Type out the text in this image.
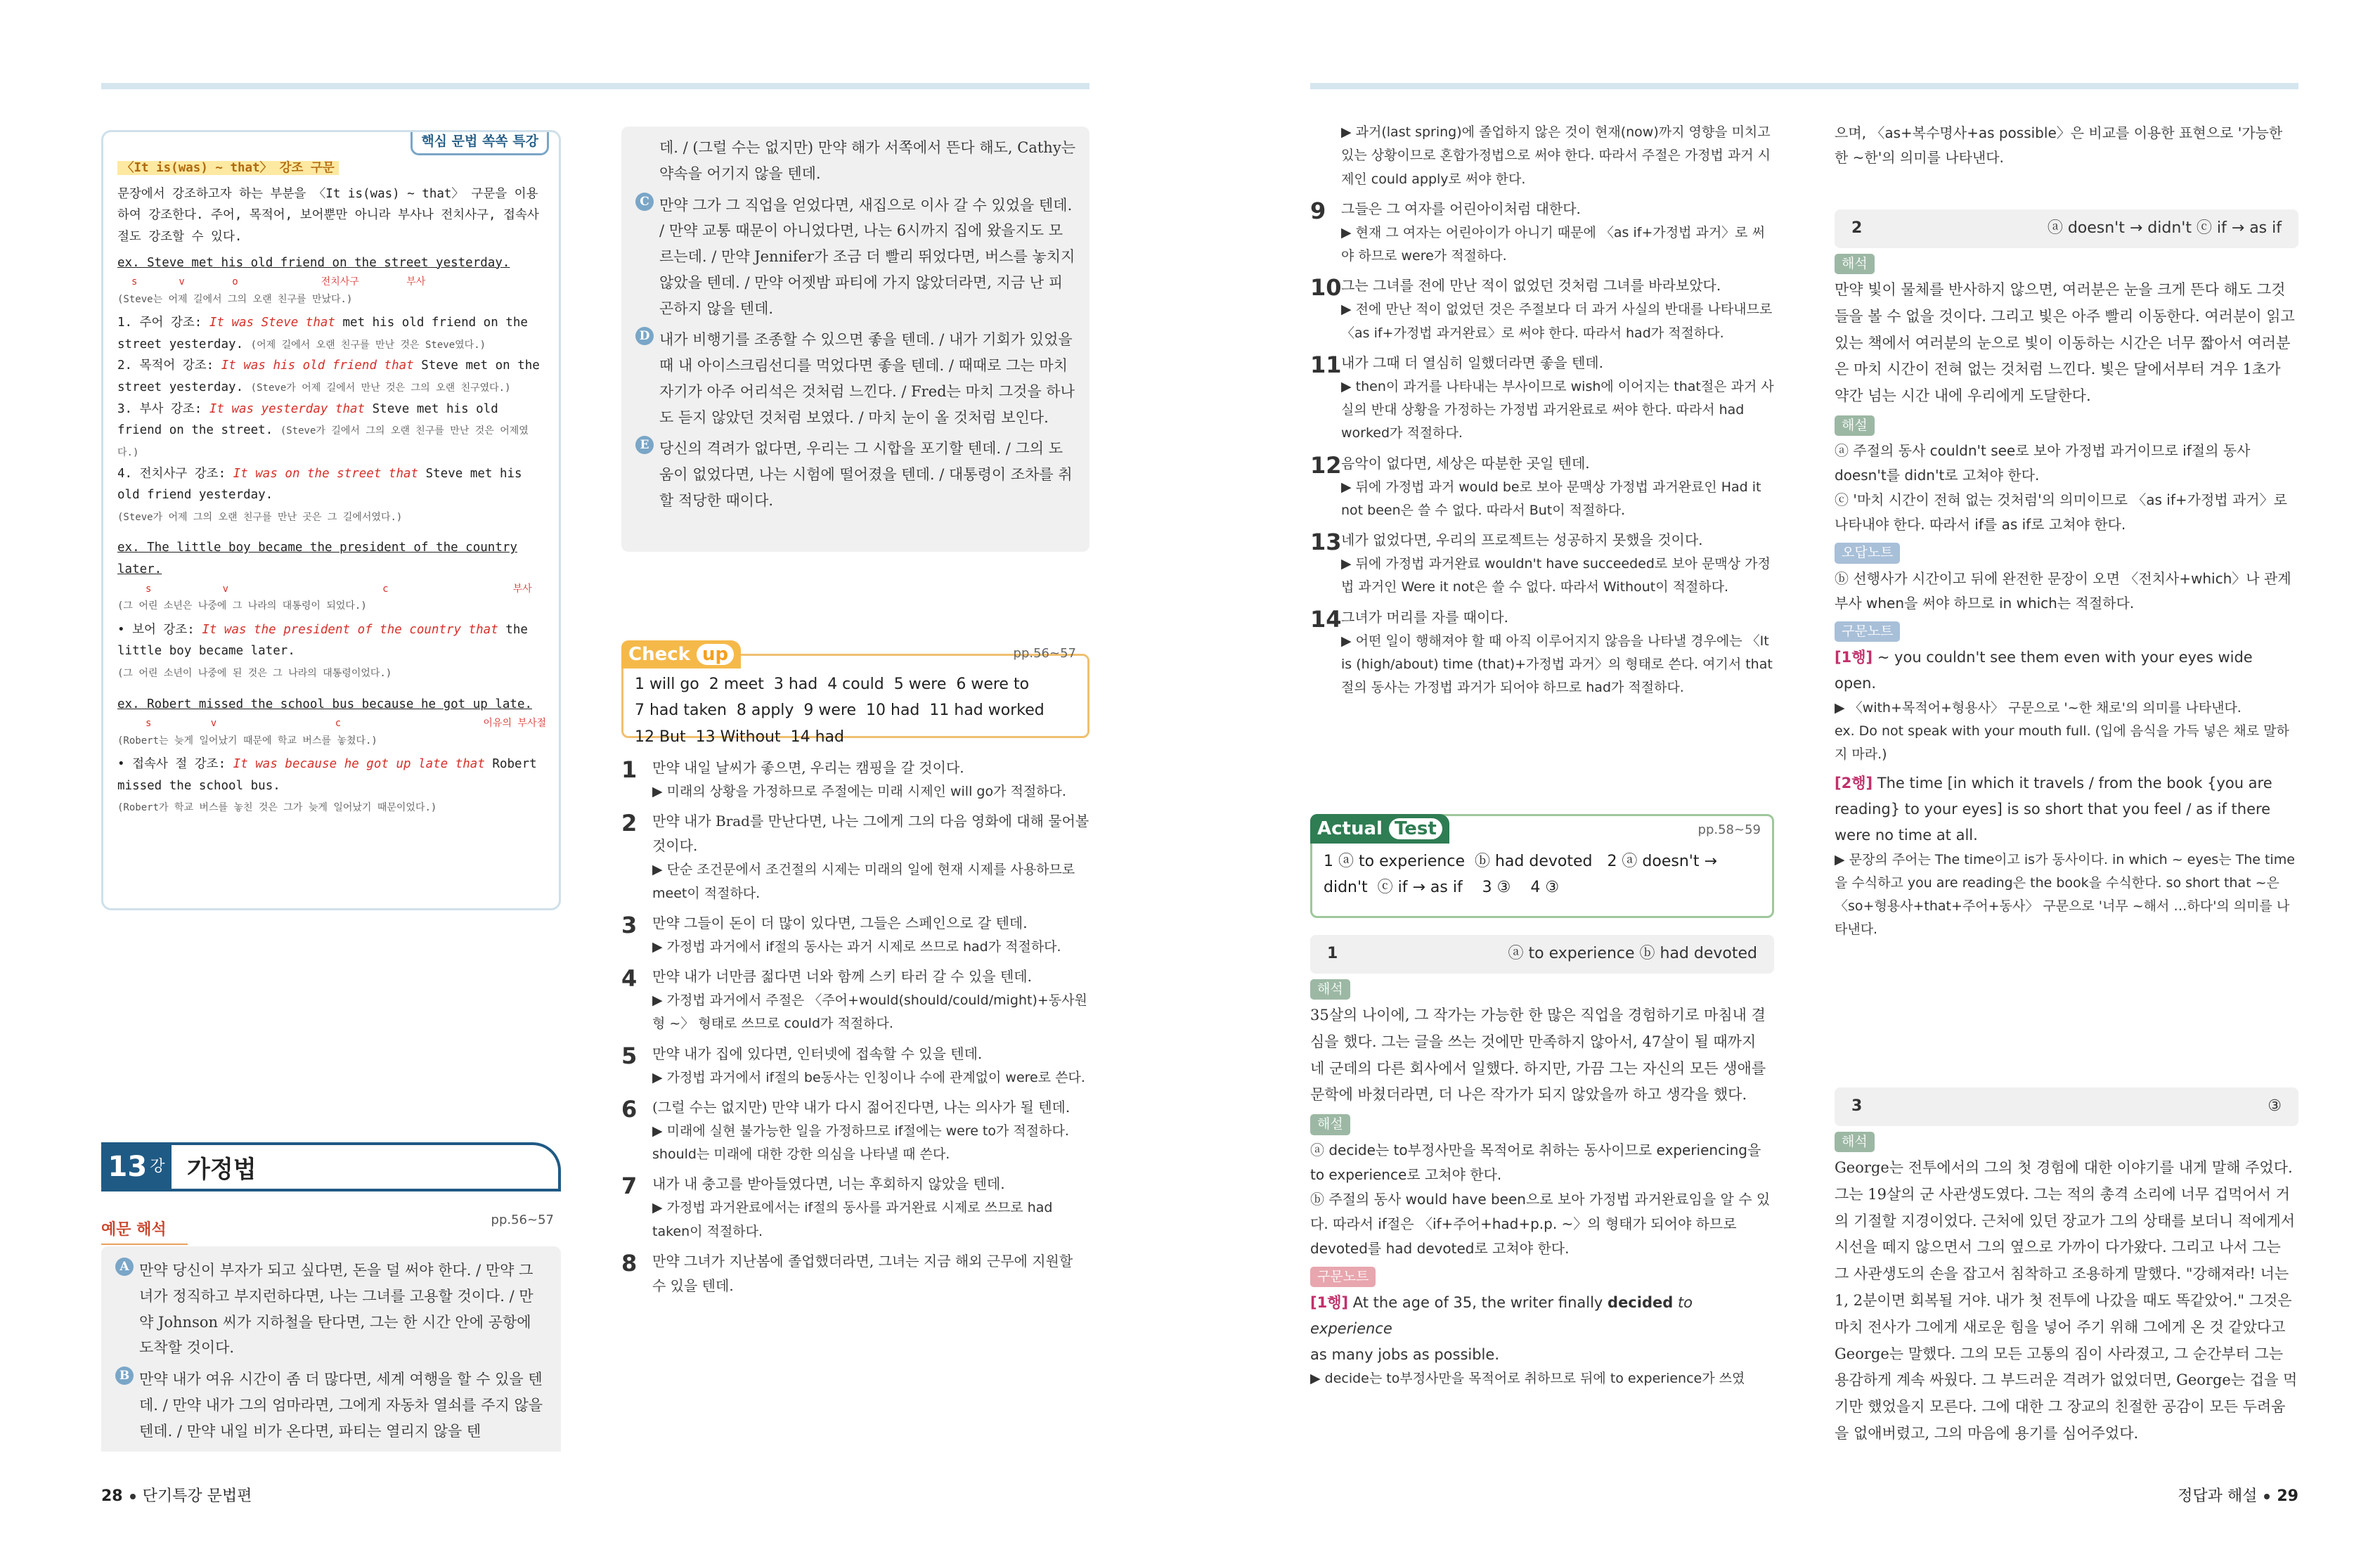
핵심 문법 쏙쏙 특강

〈It is(was) ~ that〉 강조 구문

문장에서 강조하고자 하는 부분을 〈It is(was) ~ that〉 구문을 이용하여 강조한다. 주어, 목적어, 보어뿐만 아니라 부사나 전치사구, 접속사 절도 강조할 수 있다.

ex. Steve met his old friend on the street yesterday.
s       v        o              전치사구        부사

(Steve는 어제 길에서 그의 오랜 친구를 만났다.)

1. 주어 강조: It was Steve that met his old friend on the street yesterday. (어제 길에서 오랜 친구를 만난 것은 Steve였다.)
2. 목적어 강조: It was his old friend that Steve met on the street yesterday. (Steve가 어제 길에서 만난 것은 그의 오랜 친구였다.)
3. 부사 강조: It was yesterday that Steve met his old friend on the street. (Steve가 길에서 그의 오랜 친구를 만난 것은 어제였다.)

4. 전치사구 강조: It was on the street that Steve met his old friend yesterday.
(Steve가 어제 그의 오랜 친구를 만난 곳은 그 길에서였다.)

ex. The little boy became the president of the country later.
s            v                          c                     부사

(그 어린 소년은 나중에 그 나라의 대통령이 되었다.)

• 보어 강조: It was the president of the country that the little boy became later.
(그 어린 소년이 나중에 된 것은 그 나라의 대통령이었다.)

ex. Robert missed the school bus because he got up late.
s          v                    c                        이유의 부사절

(Robert는 늦게 일어났기 때문에 학교 버스를 놓쳤다.)

• 접속사 절 강조: It was because he got up late that Robert missed the school bus.
(Robert가 학교 버스를 놓친 것은 그가 늦게 일어났기 때문이었다.)

13 강 가정법
예문 해석
pp.56~57
A 만약 당신이 부자가 되고 싶다면, 돈을 덜 써야 한다. / 만약 그녀가 정직하고 부지런하다면, 나는 그녀를 고용할 것이다. / 만약 Johnson 씨가 지하철을 탄다면, 그는 한 시간 안에 공항에 도착할 것이다.
B 만약 내가 여유 시간이 좀 더 많다면, 세계 여행을 할 수 있을 텐데. / 만약 내가 그의 엄마라면, 그에게 자동차 열쇠를 주지 않을 텐데. / 만약 내일 비가 온다면, 파티는 열리지 않을 텐
데. / (그럴 수는 없지만) 만약 해가 서쪽에서 뜬다 해도, Cathy는 약속을 어기지 않을 텐데.
C 만약 그가 그 직업을 얻었다면, 새집으로 이사 갈 수 있었을 텐데. / 만약 교통 때문이 아니었다면, 나는 6시까지 집에 왔을지도 모르는데. / 만약 Jennifer가 조금 더 빨리 뛰었다면, 버스를 놓치지 않았을 텐데. / 만약 어젯밤 파티에 가지 않았더라면, 지금 난 피곤하지 않을 텐데.
D 내가 비행기를 조종할 수 있으면 좋을 텐데. / 내가 기회가 있었을 때 내 아이스크림선디를 먹었다면 좋을 텐데. / 때때로 그는 마치 자기가 아주 어리석은 것처럼 느낀다. / Fred는 마치 그것을 하나도 듣지 않았던 것처럼 보였다. / 마치 눈이 올 것처럼 보인다.
E 당신의 격려가 없다면, 우리는 그 시합을 포기할 텐데. / 그의 도움이 없었다면, 나는 시험에 떨어졌을 텐데. / 대통령이 조차를 취할 적당한 때이다.
Check up	pp.56~57
1 will go  2 meet  3 had  4 could  5 were  6 were to
7 had taken  8 apply  9 were  10 had  11 had worked
12 But  13 Without  14 had
1	만약 내일 날씨가 좋으면, 우리는 캠핑을 갈 것이다.
▶ 미래의 상황을 가정하므로 주절에는 미래 시제인 will go가 적절하다.
2	만약 내가 Brad를 만난다면, 나는 그에게 그의 다음 영화에 대해 물어볼 것이다.
▶ 단순 조건문에서 조건절의 시제는 미래의 일에 현재 시제를 사용하므로 meet이 적절하다.
3	만약 그들이 돈이 더 많이 있다면, 그들은 스페인으로 갈 텐데.
▶ 가정법 과거에서 if절의 동사는 과거 시제로 쓰므로 had가 적절하다.
4	만약 내가 너만큼 젊다면 너와 함께 스키 타러 갈 수 있을 텐데.
▶ 가정법 과거에서 주절은 〈주어+would(should/could/might)+동사원형 ~〉 형태로 쓰므로 could가 적절하다.
5	만약 내가 집에 있다면, 인터넷에 접속할 수 있을 텐데.
▶ 가정법 과거에서 if절의 be동사는 인칭이나 수에 관계없이 were로 쓴다.
6	(그럴 수는 없지만) 만약 내가 다시 젊어진다면, 나는 의사가 될 텐데.
▶ 미래에 실현 불가능한 일을 가정하므로 if절에는 were to가 적절하다. should는 미래에 대한 강한 의심을 나타낼 때 쓴다.
7	내가 내 충고를 받아들였다면, 너는 후회하지 않았을 텐데.
▶ 가정법 과거완료에서는 if절의 동사를 과거완료 시제로 쓰므로 had taken이 적절하다.
8	만약 그녀가 지난봄에 졸업했더라면, 그녀는 지금 해외 근무에 지원할 수 있을 텐데.
▶ 과거(last spring)에 졸업하지 않은 것이 현재(now)까지 영향을 미치고 있는 상황이므로 혼합가정법으로 써야 한다. 따라서 주절은 가정법 과거 시제인 could apply로 써야 한다.
9	그들은 그 여자를 어린아이처럼 대한다.
▶ 현재 그 여자는 어린아이가 아니기 때문에 〈as if+가정법 과거〉로 써야 하므로 were가 적절하다.
10 그는 그녀를 전에 만난 적이 없었던 것처럼 그녀를 바라보았다.
▶ 전에 만난 적이 없었던 것은 주절보다 더 과거 사실의 반대를 나타내므로 〈as if+가정법 과거완료〉로 써야 한다. 따라서 had가 적절하다.
11 내가 그때 더 열심히 일했더라면 좋을 텐데.
▶ then이 과거를 나타내는 부사이므로 wish에 이어지는 that절은 과거 사실의 반대 상황을 가정하는 가정법 과거완료로 써야 한다. 따라서 had worked가 적절하다.
12 음악이 없다면, 세상은 따분한 곳일 텐데.
▶ 뒤에 가정법 과거 would be로 보아 문맥상 가정법 과거완료인 Had it not been은 쓸 수 없다. 따라서 But이 적절하다.
13 네가 없었다면, 우리의 프로젝트는 성공하지 못했을 것이다.
▶ 뒤에 가정법 과거완료 wouldn't have succeeded로 보아 문맥상 가정법 과거인 Were it not은 쓸 수 없다. 따라서 Without이 적절하다.
14 그녀가 머리를 자를 때이다.
▶ 어떤 일이 행해져야 할 때 아직 이루어지지 않음을 나타낼 경우에는 〈It is (high/about) time (that)+가정법 과거〉의 형태로 쓴다. 여기서 that절의 동사는 가정법 과거가 되어야 하므로 had가 적절하다.
Actual Test	pp.58~59
1 ⓐ to experience  ⓑ had devoted   2 ⓐ doesn't →
didn't  ⓒ if → as if    3 ③    4 ③
1	ⓐ to experience ⓑ had devoted
해석
35살의 나이에, 그 작가는 가능한 한 많은 직업을 경험하기로 마침내 결심을 했다. 그는 글을 쓰는 것에만 만족하지 않아서, 47살이 될 때까지 네 군데의 다른 회사에서 일했다. 하지만, 가끔 그는 자신의 모든 생애를 문학에 바쳤더라면, 더 나은 작가가 되지 않았을까 하고 생각을 했다.
해설
ⓐ decide는 to부정사만을 목적어로 취하는 동사이므로 experiencing을 to experience로 고쳐야 한다.
ⓑ 주절의 동사 would have been으로 보아 가정법 과거완료임을 알 수 있다. 따라서 if절은 〈if+주어+had+p.p. ~〉의 형태가 되어야 하므로 devoted를 had devoted로 고쳐야 한다.
구문노트
[1행] At the age of 35, the writer finally decided to experience
as many jobs as possible.
▶ decide는 to부정사만을 목적어로 취하므로 뒤에 to experience가 쓰였
으며, 〈as+복수명사+as possible〉은 비교를 이용한 표현으로 '가능한 한 ~한'의 의미를 나타낸다.
2	ⓐ doesn't → didn't ⓒ if → as if
해석
만약 빛이 물체를 반사하지 않으면, 여러분은 눈을 크게 뜬다 해도 그것들을 볼 수 없을 것이다. 그리고 빛은 아주 빨리 이동한다. 여러분이 읽고 있는 책에서 여러분의 눈으로 빛이 이동하는 시간은 너무 짧아서 여러분은 마치 시간이 전혀 없는 것처럼 느낀다. 빛은 달에서부터 겨우 1초가 약간 넘는 시간 내에 우리에게 도달한다.
해설
ⓐ 주절의 동사 couldn't see로 보아 가정법 과거이므로 if절의 동사 doesn't를 didn't로 고쳐야 한다.
ⓒ '마치 시간이 전혀 없는 것처럼'의 의미이므로 〈as if+가정법 과거〉로 나타내야 한다. 따라서 if를 as if로 고쳐야 한다.
오답노트
ⓑ 선행사가 시간이고 뒤에 완전한 문장이 오면 〈전치사+which〉나 관계부사 when을 써야 하므로 in which는 적절하다.
구문노트
[1행] ~ you couldn't see them even with your eyes wide open.
▶ 〈with+목적어+형용사〉 구문으로 '~한 채로'의 의미를 나타낸다.
ex. Do not speak with your mouth full. (입에 음식을 가득 넣은 채로 말하지 마라.)
[2행] The time [in which it travels / from the book {you are reading} to your eyes] is so short that you feel / as if there were no time at all.
▶ 문장의 주어는 The time이고 is가 동사이다. in which ~ eyes는 The time을 수식하고 you are reading은 the book을 수식한다. so short that ~은 〈so+형용사+that+주어+동사〉 구문으로 '너무 ~해서 …하다'의 의미를 나타낸다.
3	③
해석
George는 전투에서의 그의 첫 경험에 대한 이야기를 내게 말해 주었다. 그는 19살의 군 사관생도였다. 그는 적의 총격 소리에 너무 겁먹어서 거의 기절할 지경이었다. 근처에 있던 장교가 그의 상태를 보더니 적에게서 시선을 떼지 않으면서 그의 옆으로 가까이 다가왔다. 그리고 나서 그는 그 사관생도의 손을 잡고서 침착하고 조용하게 말했다. "강해져라! 너는 1, 2분이면 회복될 거야. 내가 첫 전투에 나갔을 때도 똑같았어." 그것은 마치 전사가 그에게 새로운 힘을 넣어 주기 위해 그에게 온 것 같았다고 George는 말했다. 그의 모든 고통의 짐이 사라졌고, 그 순간부터 그는 용감하게 계속 싸웠다. 그 부드러운 격려가 없었더면, George는 겁을 먹기만 했었을지 모른다. 그에 대한 그 장교의 친절한 공감이 모든 두려움을 없애버렸고, 그의 마음에 용기를 심어주었다.
28 단기특강 문법편	정답과 해설 29
